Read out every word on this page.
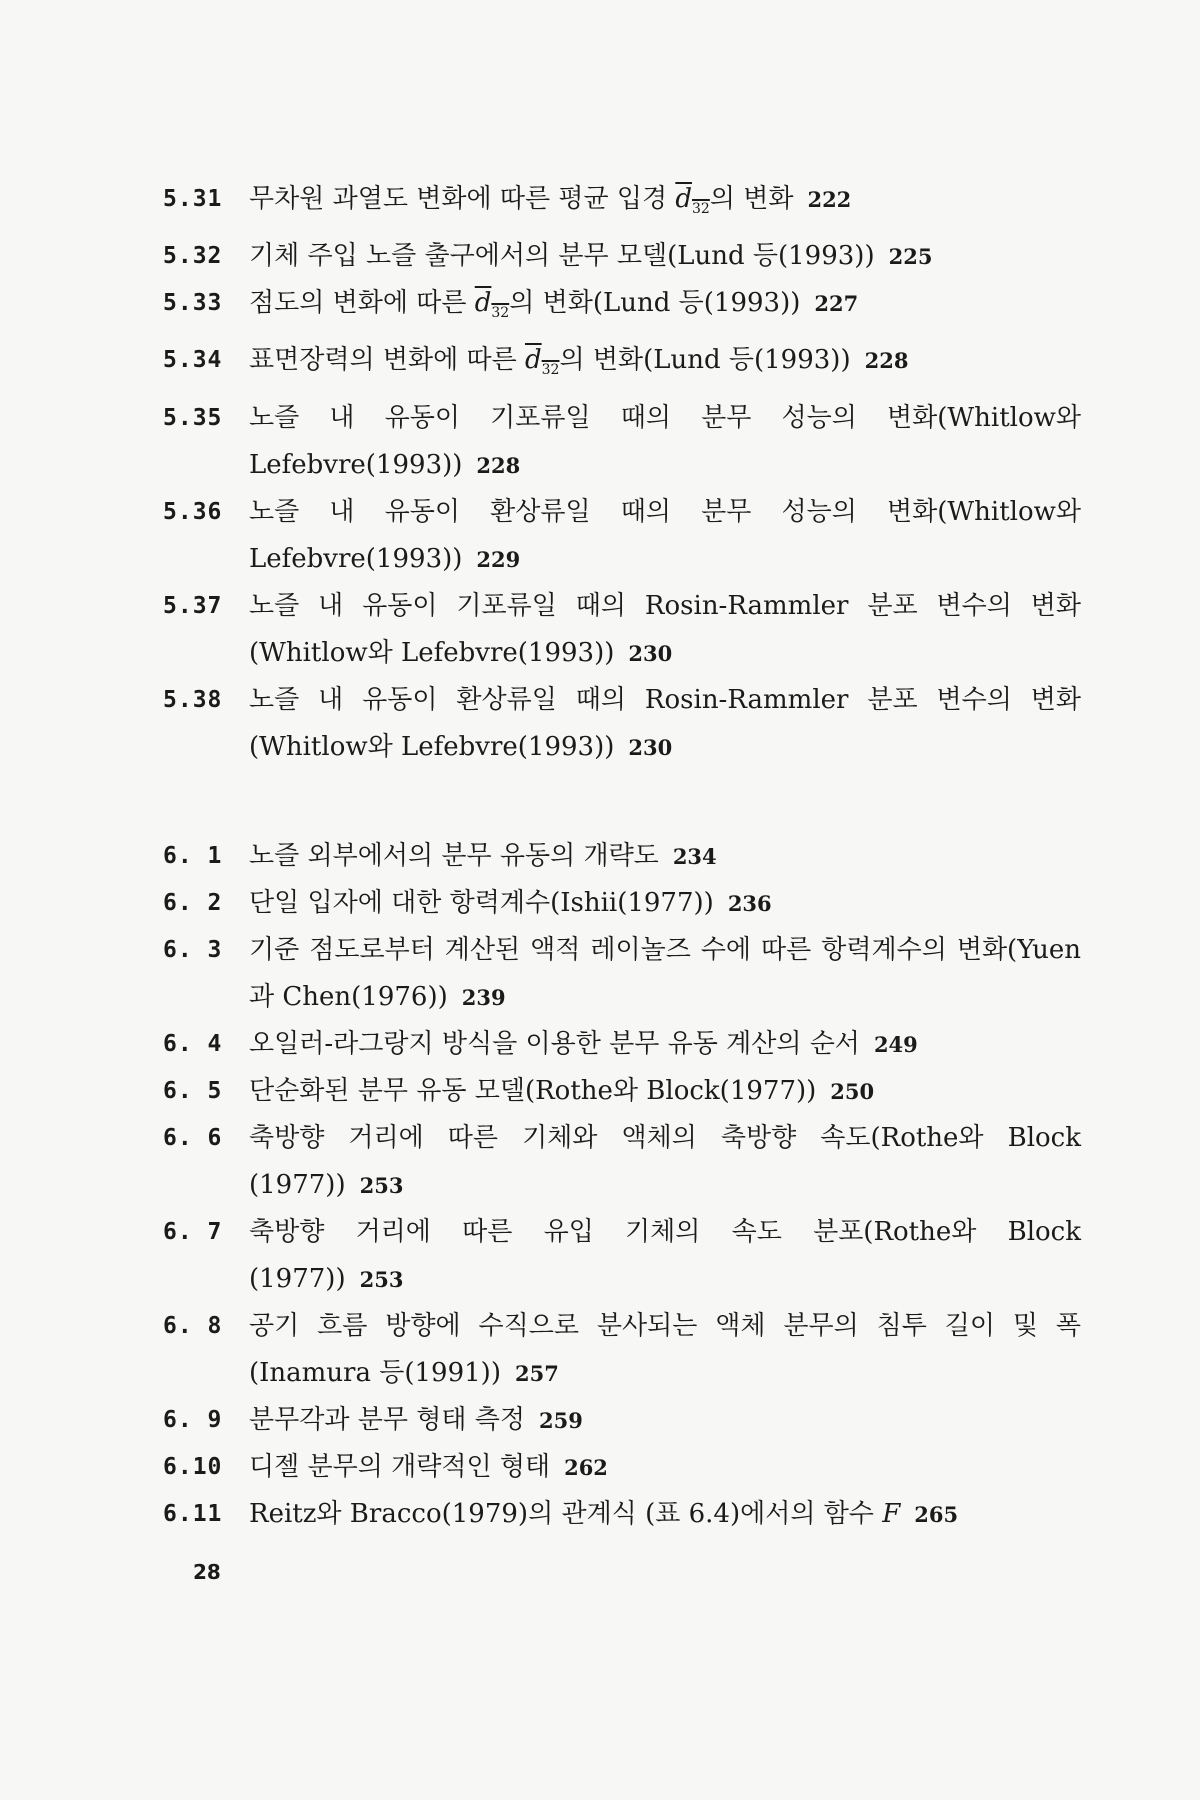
5.31	무차원 과열도 변화에 따른 평균 입경 $d_{32}$의 변화 222
5.32	기체 주입 노즐 출구에서의 분무 모델(Lund 등(1993)) 225
5.33	점도의 변화에 따른 $d_{32}$의 변화(Lund 등(1993)) 227
5.34	표면장력의 변화에 따른 $d_{32}$의 변화(Lund 등(1993)) 228
5.35	노즐 내 유동이 기포류일 때의 분무 성능의 변화(Whitlow와 Lefebvre(1993)) 228
5.36	노즐 내 유동이 환상류일 때의 분무 성능의 변화(Whitlow와 Lefebvre(1993)) 229
5.37	노즐 내 유동이 기포류일 때의 Rosin-Rammler 분포 변수의 변화(Whitlow와 Lefebvre(1993)) 230
5.38	노즐 내 유동이 환상류일 때의 Rosin-Rammler 분포 변수의 변화(Whitlow와 Lefebvre(1993)) 230
6. 1	노즐 외부에서의 분무 유동의 개략도 234
6. 2	단일 입자에 대한 항력계수(Ishii(1977)) 236
6. 3	기준 점도로부터 계산된 액적 레이놀즈 수에 따른 항력계수의 변화(Yuen과 Chen(1976)) 239
6. 4	오일러-라그랑지 방식을 이용한 분무 유동 계산의 순서 249
6. 5	단순화된 분무 유동 모델(Rothe와 Block(1977)) 250
6. 6	축방향 거리에 따른 기체와 액체의 축방향 속도(Rothe와 Block (1977)) 253
6. 7	축방향 거리에 따른 유입 기체의 속도 분포(Rothe와 Block (1977)) 253
6. 8	공기 흐름 방향에 수직으로 분사되는 액체 분무의 침투 길이 및 폭(Inamura 등(1991)) 257
6. 9	분무각과 분무 형태 측정 259
6.10	디젤 분무의 개략적인 형태 262
6.11	Reitz와 Bracco(1979)의 관계식 (표 6.4)에서의 함수 F 265
28
